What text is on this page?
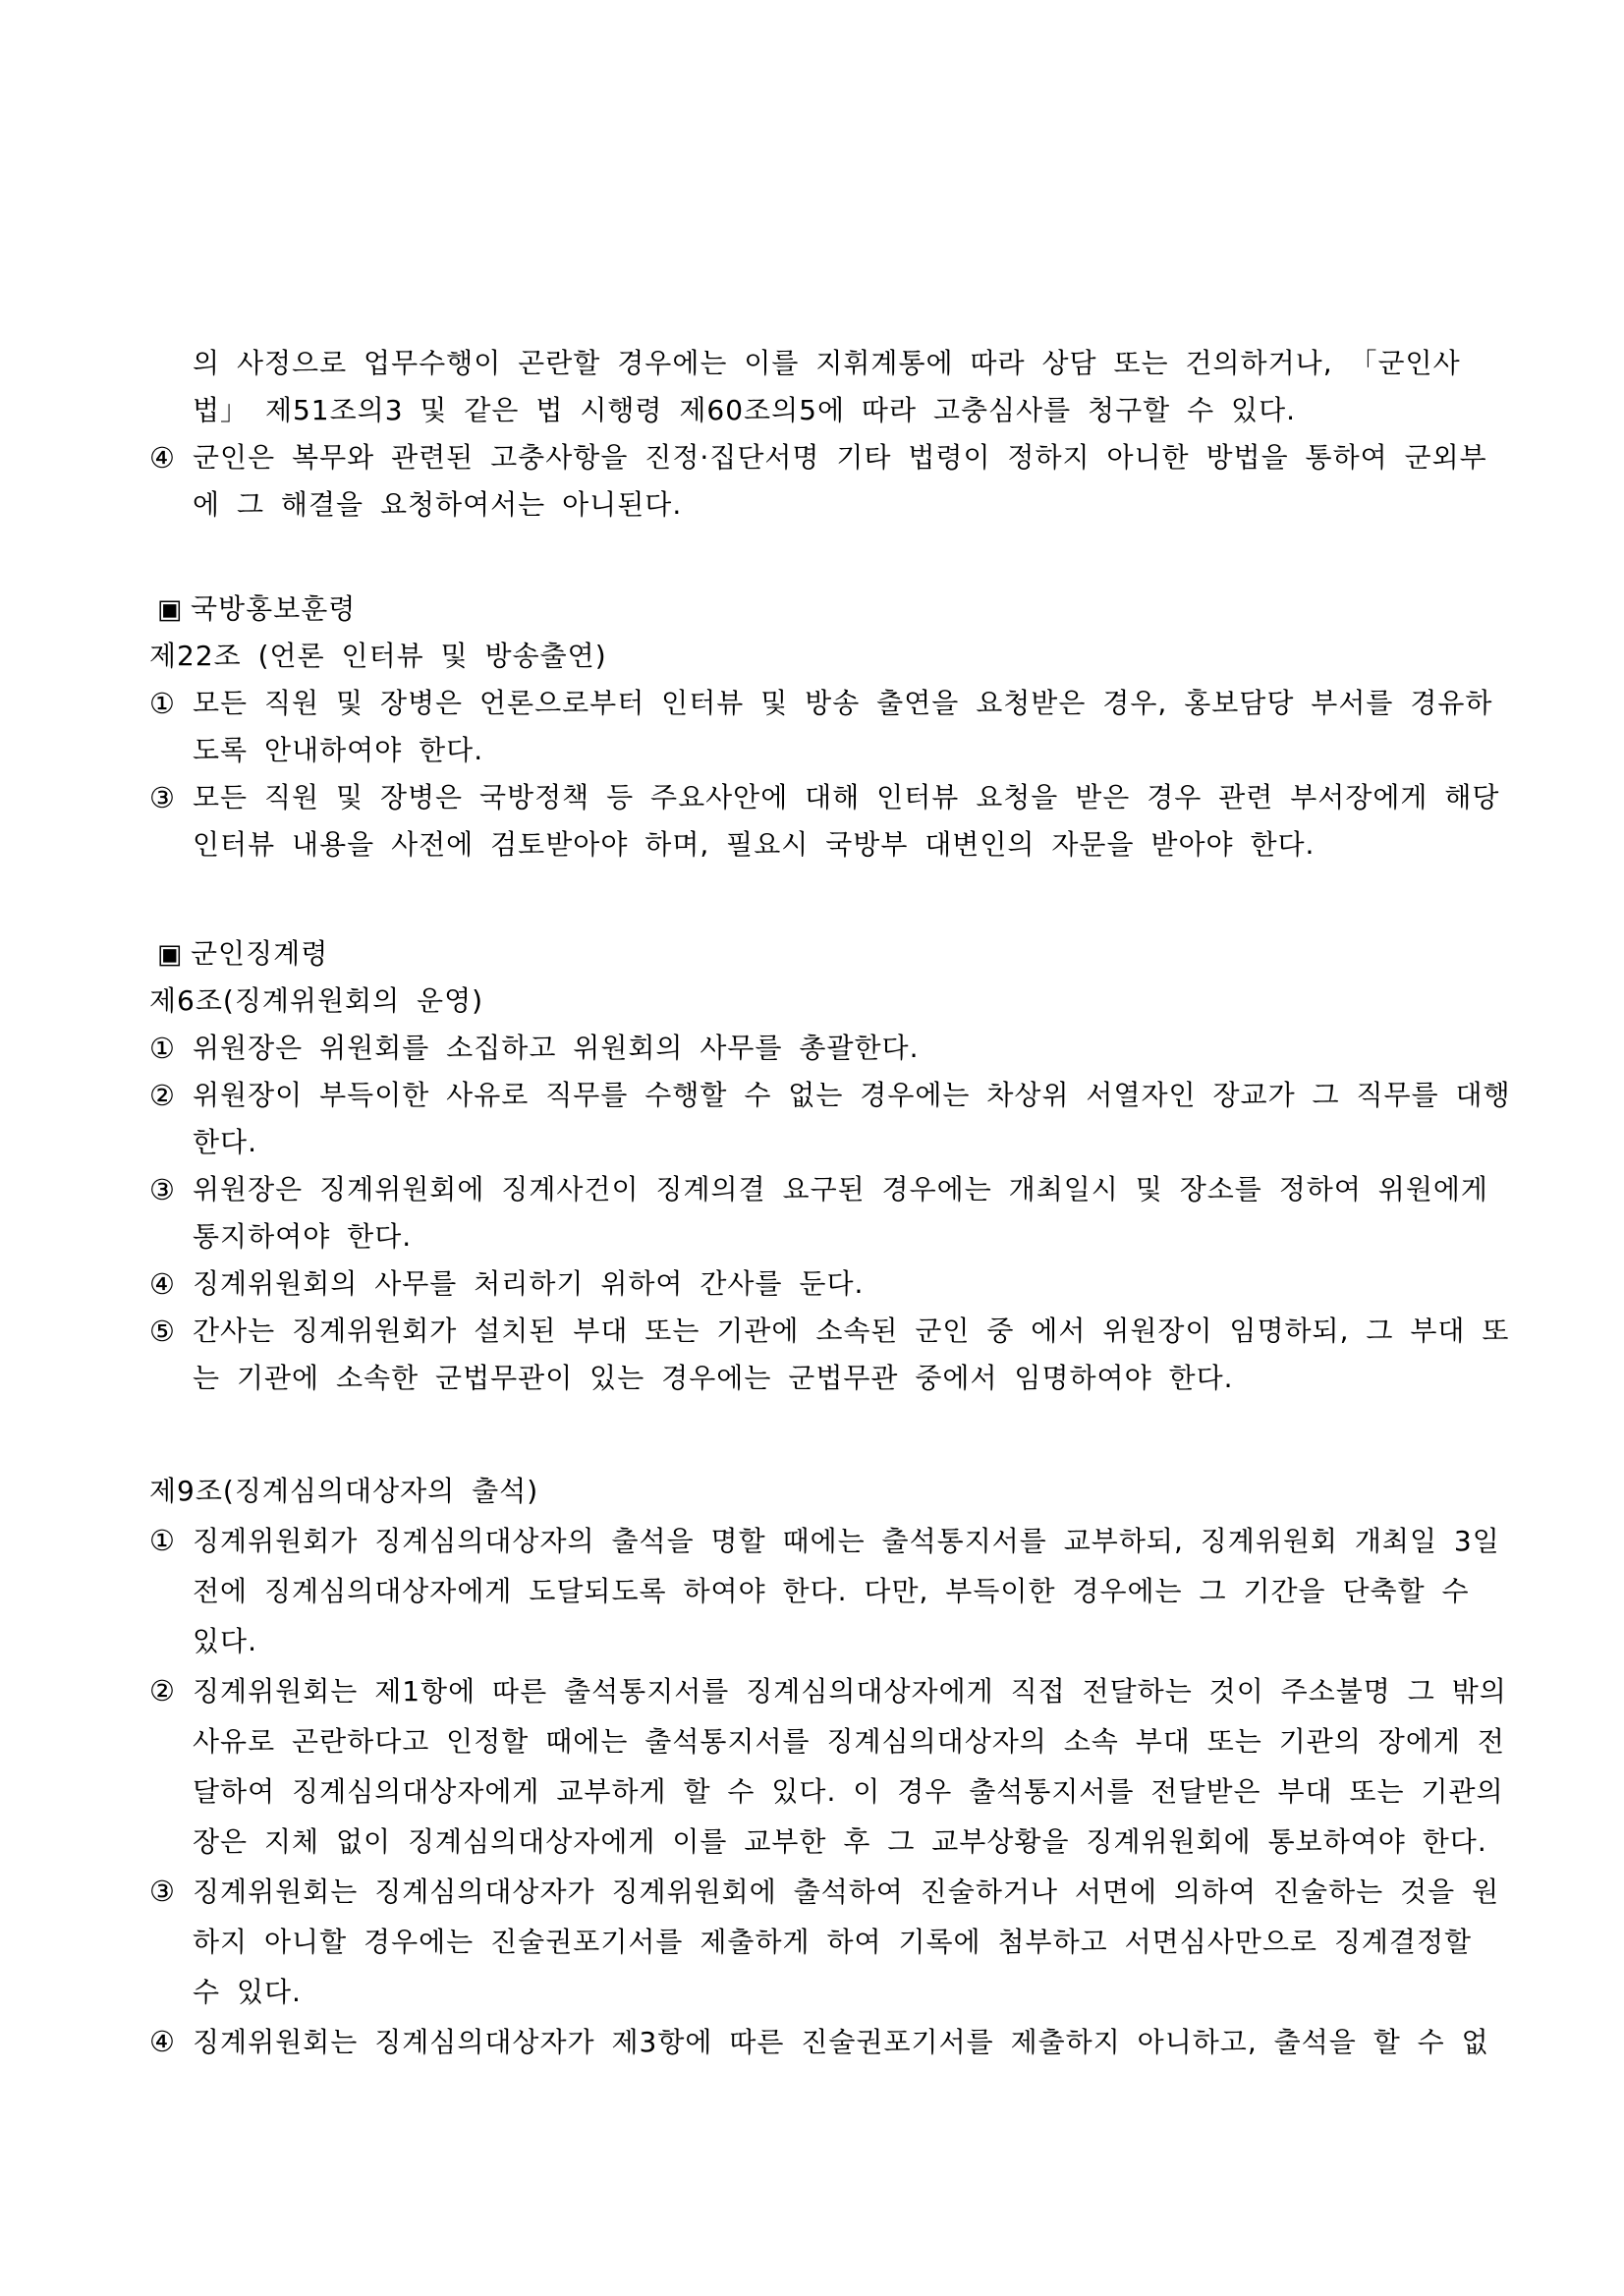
의 사정으로 업무수행이 곤란할 경우에는 이를 지휘계통에 따라 상담 또는 건의하거나, 「군인사
법」 제51조의3 및 같은 법 시행령 제60조의5에 따라 고충심사를 청구할 수 있다.
④ 군인은 복무와 관련된 고충사항을 진정·집단서명 기타 법령이 정하지 아니한 방법을 통하여 군외부
에 그 해결을 요청하여서는 아니된다.
▣ 국방홍보훈령
제22조 (언론 인터뷰 및 방송출연)
① 모든 직원 및 장병은 언론으로부터 인터뷰 및 방송 출연을 요청받은 경우, 홍보담당 부서를 경유하
도록 안내하여야 한다.
③ 모든 직원 및 장병은 국방정책 등 주요사안에 대해 인터뷰 요청을 받은 경우 관련 부서장에게 해당
인터뷰 내용을 사전에 검토받아야 하며, 필요시 국방부 대변인의 자문을 받아야 한다.
▣ 군인징계령
제6조(징계위원회의 운영)
① 위원장은 위원회를 소집하고 위원회의 사무를 총괄한다.
② 위원장이 부득이한 사유로 직무를 수행할 수 없는 경우에는 차상위 서열자인 장교가 그 직무를 대행
한다.
③ 위원장은 징계위원회에 징계사건이 징계의결 요구된 경우에는 개최일시 및 장소를 정하여 위원에게
통지하여야 한다.
④ 징계위원회의 사무를 처리하기 위하여 간사를 둔다.
⑤ 간사는 징계위원회가 설치된 부대 또는 기관에 소속된 군인 중 에서 위원장이 임명하되, 그 부대 또
는 기관에 소속한 군법무관이 있는 경우에는 군법무관 중에서 임명하여야 한다.
제9조(징계심의대상자의 출석)
① 징계위원회가 징계심의대상자의 출석을 명할 때에는 출석통지서를 교부하되, 징계위원회 개최일 3일
전에 징계심의대상자에게 도달되도록 하여야 한다. 다만, 부득이한 경우에는 그 기간을 단축할 수
있다.
② 징계위원회는 제1항에 따른 출석통지서를 징계심의대상자에게 직접 전달하는 것이 주소불명 그 밖의
사유로 곤란하다고 인정할 때에는 출석통지서를 징계심의대상자의 소속 부대 또는 기관의 장에게 전
달하여 징계심의대상자에게 교부하게 할 수 있다. 이 경우 출석통지서를 전달받은 부대 또는 기관의
장은 지체 없이 징계심의대상자에게 이를 교부한 후 그 교부상황을 징계위원회에 통보하여야 한다.
③ 징계위원회는 징계심의대상자가 징계위원회에 출석하여 진술하거나 서면에 의하여 진술하는 것을 원
하지 아니할 경우에는 진술권포기서를 제출하게 하여 기록에 첨부하고 서면심사만으로 징계결정할
수 있다.
④ 징계위원회는 징계심의대상자가 제3항에 따른 진술권포기서를 제출하지 아니하고, 출석을 할 수 없
